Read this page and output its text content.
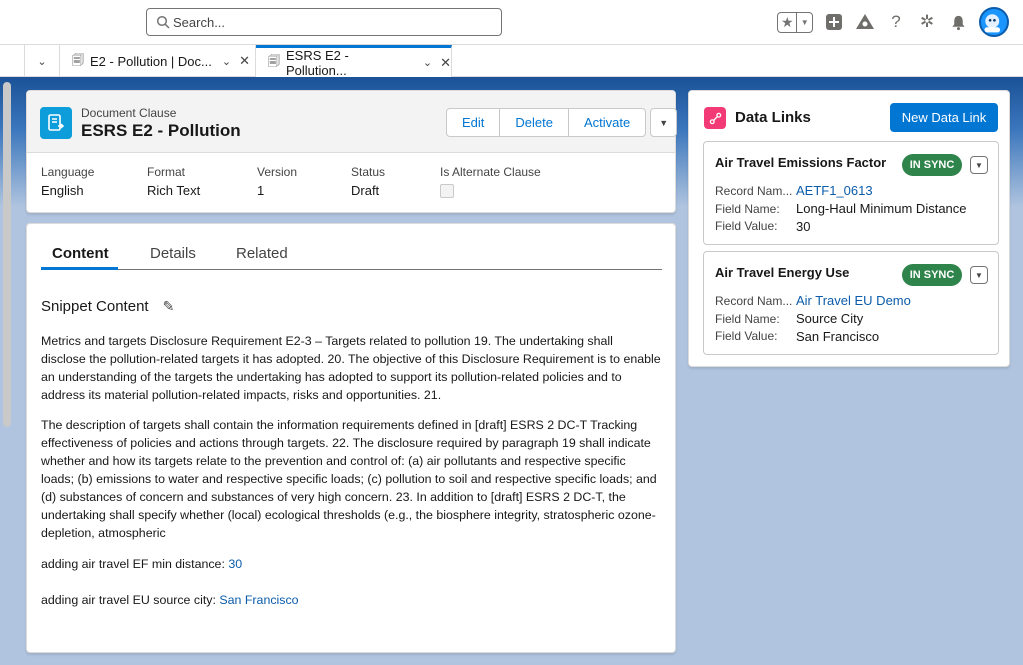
Search...	★ ▼	?	✲
⌄	🗐 E2 - Pollution | Doc... ⌄ ✕ 🗐 ESRS E2 - Pollution...	⌄ ✕
Document Clause
ESRS E2 - Pollution	Edit	Delete	Activate	▼
Language
English
Format
Rich Text
Version
1
Status
Draft
Is Alternate Clause
Content	Details	Related
Snippet Content ✎
Metrics and targets Disclosure Requirement E2-3 – Targets related to pollution 19. The undertaking shall disclose the pollution-related targets it has adopted. 20. The objective of this Disclosure Requirement is to enable an understanding of the targets the undertaking has adopted to support its pollution-related policies and to address its material pollution-related impacts, risks and opportunities. 21.
The description of targets shall contain the information requirements defined in [draft] ESRS 2 DC-T Tracking effectiveness of policies and actions through targets. 22. The disclosure required by paragraph 19 shall indicate whether and how its targets relate to the prevention and control of: (a) air pollutants and respective specific loads; (b) emissions to water and respective specific loads; (c) pollution to soil and respective specific loads; and (d) substances of concern and substances of very high concern. 23. In addition to [draft] ESRS 2 DC-T, the undertaking shall specify whether (local) ecological thresholds (e.g., the biosphere integrity, stratospheric ozone-depletion, atmospheric
adding air travel EF min distance: 30
adding air travel EU source city: San Francisco
Data Links	New Data Link
Air Travel Emissions Factor	IN SYNC	▼
Record Nam... AETF1_0613
Field Name: Long-Haul Minimum Distance
Field Value: 30
Air Travel Energy Use	IN SYNC	▼
Record Nam... Air Travel EU Demo
Field Name: Source City
Field Value: San Francisco
